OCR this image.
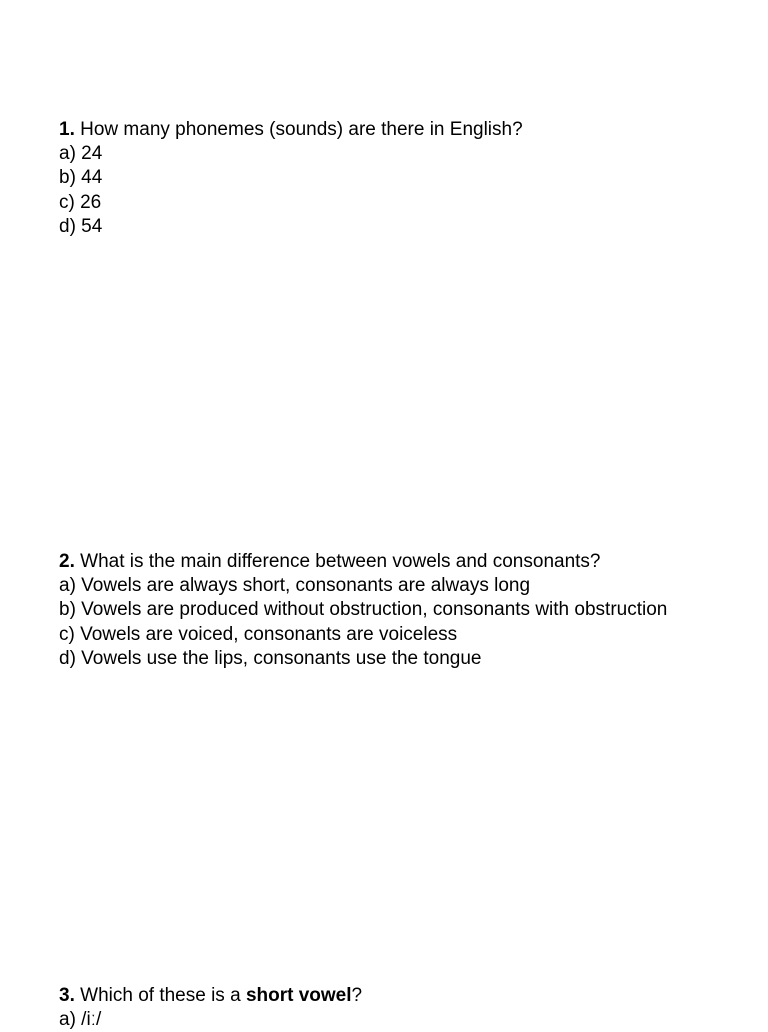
1. How many phonemes (sounds) are there in English?

a) 24
b) 44
c) 26
d) 54

2. What is the main difference between vowels and consonants?

a) Vowels are always short, consonants are always long
b) Vowels are produced without obstruction, consonants with obstruction
c) Vowels are voiced, consonants are voiceless
d) Vowels use the lips, consonants use the tongue

3. Which of these is a short vowel?

a) /iː/
